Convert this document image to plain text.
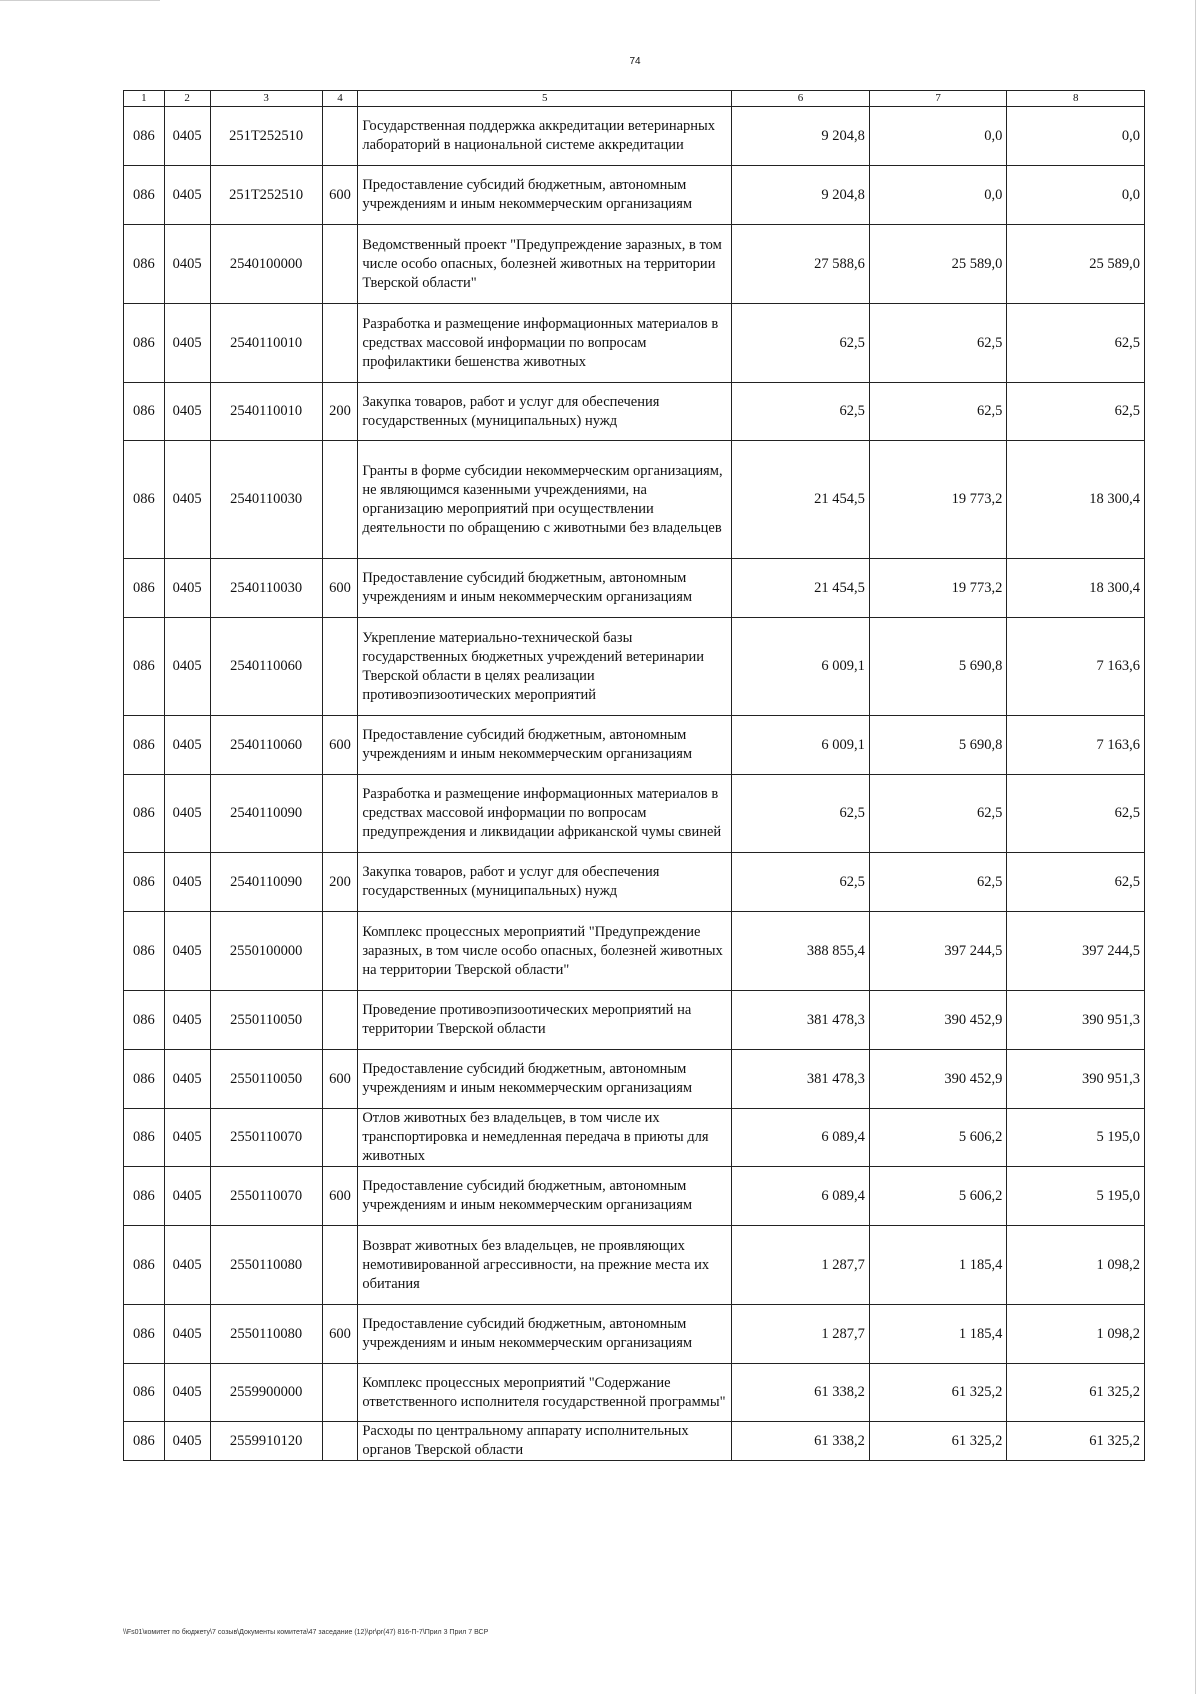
74
1	2	3	4	5	6	7	8
086	0405	251T252510		Государственная поддержка аккредитации ветеринарных лабораторий в национальной системе аккредитации	9 204,8	0,0	0,0
086	0405	251T252510	600	Предоставление субсидий бюджетным, автономным учреждениям и иным некоммерческим организациям	9 204,8	0,0	0,0
086	0405	2540100000		Ведомственный проект "Предупреждение заразных, в том числе особо опасных, болезней животных на территории Тверской области"	27 588,6	25 589,0	25 589,0
086	0405	2540110010		Разработка и размещение информационных материалов в средствах массовой информации по вопросам профилактики бешенства животных	62,5	62,5	62,5
086	0405	2540110010	200	Закупка товаров, работ и услуг для обеспечения государственных (муниципальных) нужд	62,5	62,5	62,5
086	0405	2540110030		Гранты в форме субсидии некоммерческим организациям, не являющимся казенными учреждениями, на организацию мероприятий при осуществлении деятельности по обращению с животными без владельцев	21 454,5	19 773,2	18 300,4
086	0405	2540110030	600	Предоставление субсидий бюджетным, автономным учреждениям и иным некоммерческим организациям	21 454,5	19 773,2	18 300,4
086	0405	2540110060		Укрепление материально-технической базы государственных бюджетных учреждений ветеринарии Тверской области в целях реализации противоэпизоотических мероприятий	6 009,1	5 690,8	7 163,6
086	0405	2540110060	600	Предоставление субсидий бюджетным, автономным учреждениям и иным некоммерческим организациям	6 009,1	5 690,8	7 163,6
086	0405	2540110090		Разработка и размещение информационных материалов в средствах массовой информации по вопросам предупреждения и ликвидации африканской чумы свиней	62,5	62,5	62,5
086	0405	2540110090	200	Закупка товаров, работ и услуг для обеспечения государственных (муниципальных) нужд	62,5	62,5	62,5
086	0405	2550100000		Комплекс процессных мероприятий "Предупреждение заразных, в том числе особо опасных, болезней животных на территории Тверской области"	388 855,4	397 244,5	397 244,5
086	0405	2550110050		Проведение противоэпизоотических мероприятий на территории Тверской области	381 478,3	390 452,9	390 951,3
086	0405	2550110050	600	Предоставление субсидий бюджетным, автономным учреждениям и иным некоммерческим организациям	381 478,3	390 452,9	390 951,3
086	0405	2550110070		Отлов животных без владельцев, в том числе их транспортировка и немедленная передача в приюты для животных	6 089,4	5 606,2	5 195,0
086	0405	2550110070	600	Предоставление субсидий бюджетным, автономным учреждениям и иным некоммерческим организациям	6 089,4	5 606,2	5 195,0
086	0405	2550110080		Возврат животных без владельцев, не проявляющих немотивированной агрессивности, на прежние места их обитания	1 287,7	1 185,4	1 098,2
086	0405	2550110080	600	Предоставление субсидий бюджетным, автономным учреждениям и иным некоммерческим организациям	1 287,7	1 185,4	1 098,2
086	0405	2559900000		Комплекс процессных мероприятий "Содержание ответственного исполнителя государственной программы"	61 338,2	61 325,2	61 325,2
086	0405	2559910120		Расходы по центральному аппарату исполнительных органов Тверской области	61 338,2	61 325,2	61 325,2
\\Fs01\комитет по бюджету\7 созыв\Документы комитета\47 заседание (12)\pr\pr(47) 816-П-7\Прил 3 Прил 7 ВСР
